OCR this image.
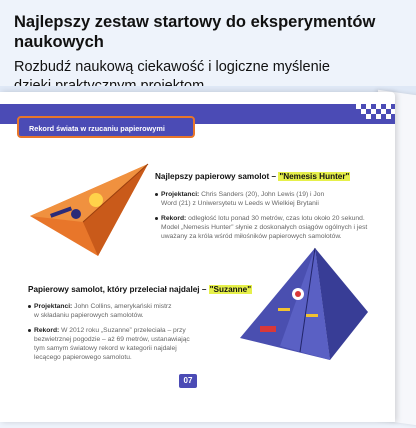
Najlepszy zestaw startowy do eksperymentów naukowych
Rozbudź naukową ciekawość i logiczne myślenie
Rekord świata w rzucaniu papierowymi samolotkami
Najlepszy papierowy samolot – "Nemesis Hunter"
Projektanci: Chris Sanders (20), John Lewis (19) i Jon
Word (21) z Uniwersytetu w Leeds w Wielkiej Brytanii
Rekord: odległość lotu ponad 30 metrów, czas lotu około 20 sekund.
Model „Nemesis Hunter” słynie z doskonałych osiągów ogólnych i jest
uważany za króla wśród miłośników papierowych samolotów.
Papierowy samolot, który przeleciał najdalej – "Suzanne"
Projektanci: John Collins, amerykański mistrz
w składaniu papierowych samolotów.
Rekord: W 2012 roku „Suzanne” przeleciała – przy
bezwietrznej pogodzie – aż 69 metrów, ustanawiając
tym samym światowy rekord w kategorii najdalej
lecącego papierowego samolotu.
07
